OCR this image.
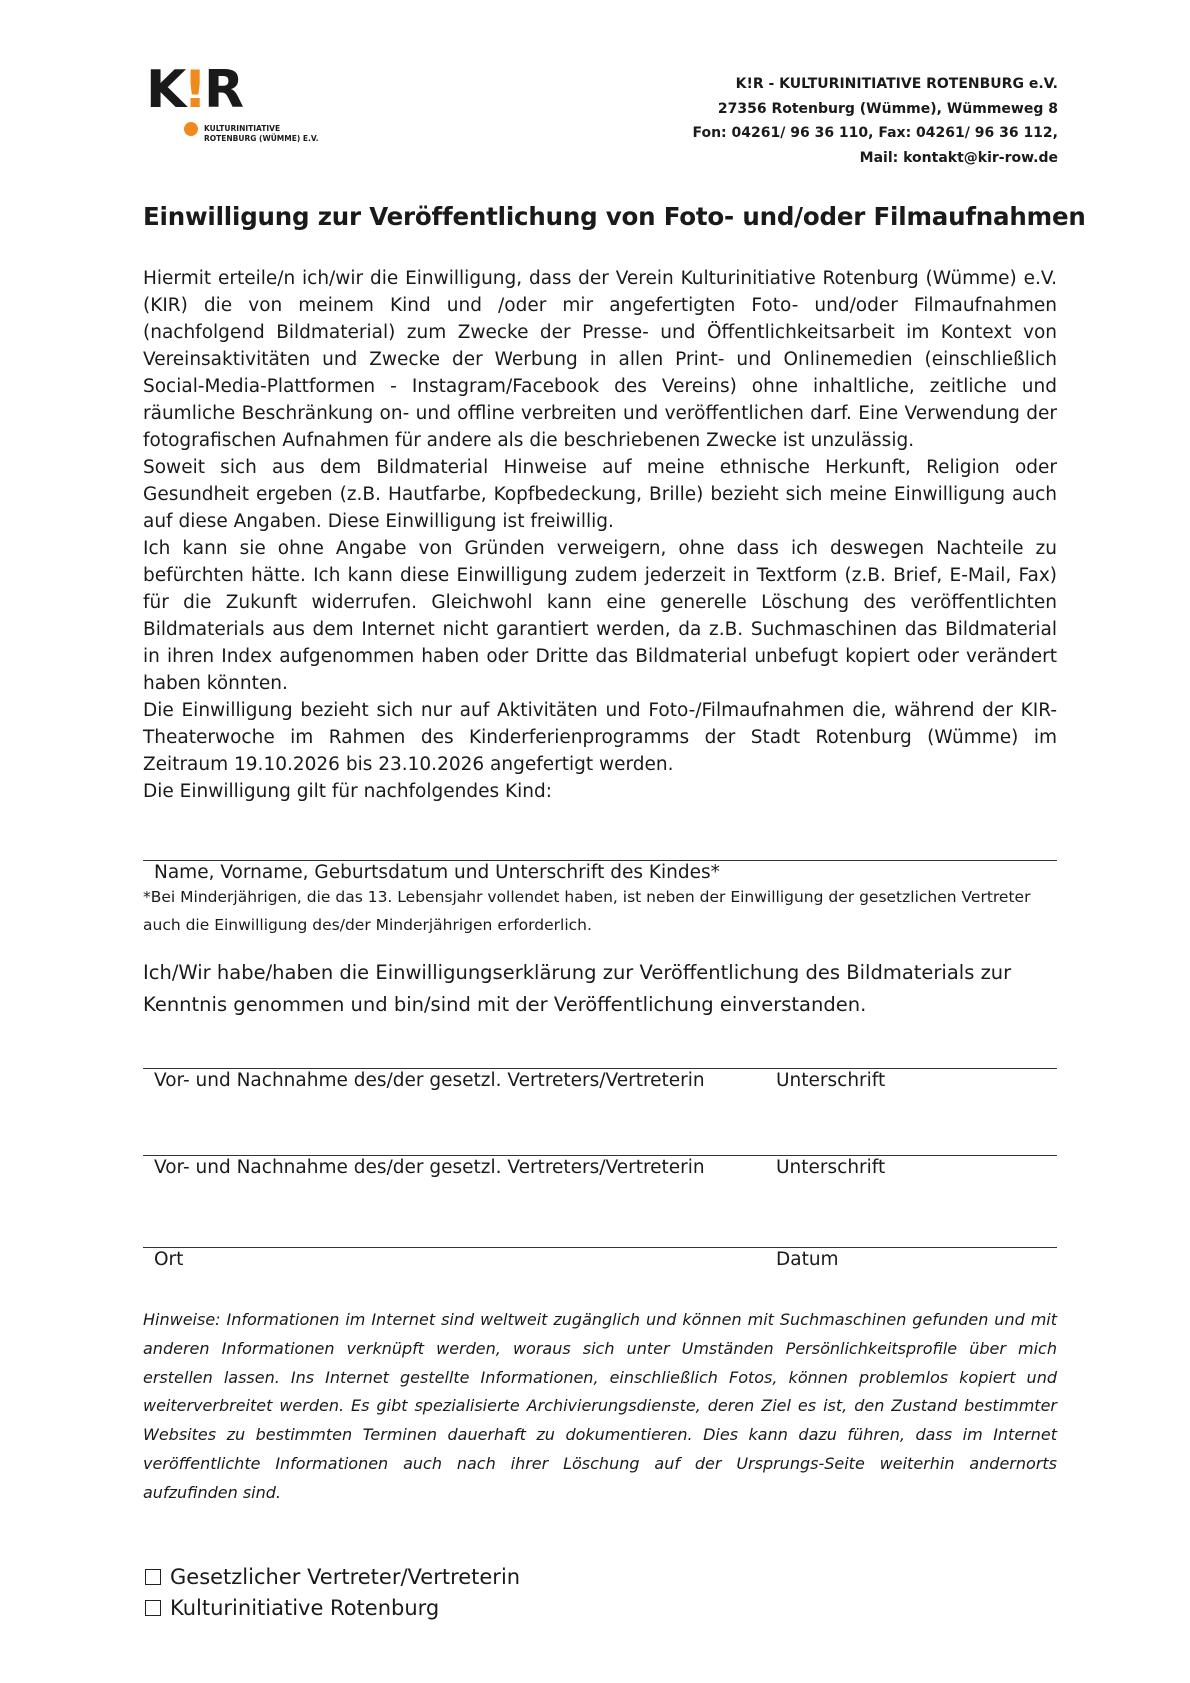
K!R
KULTURINITIATIVE
ROTENBURG (WÜMME) E.V.
K!R - KULTURINITIATIVE ROTENBURG e.V.
27356 Rotenburg (Wümme), Wümmeweg 8
Fon: 04261/ 96 36 110, Fax: 04261/ 96 36 112,
Mail: kontakt@kir-row.de
Einwilligung zur Veröffentlichung von Foto- und/oder Filmaufnahmen

Hiermit erteile/n ich/wir die Einwilligung, dass der Verein Kulturinitiative Rotenburg (Wümme) e.V. (KIR) die von meinem Kind und /oder mir angefertigten Foto- und/oder Filmaufnahmen (nachfolgend Bildmaterial) zum Zwecke der Presse- und Öffentlichkeitsarbeit im Kontext von Vereinsaktivitäten und Zwecke der Werbung in allen Print- und Onlinemedien (einschließlich Social-Media-Plattformen - Instagram/Facebook des Vereins) ohne inhaltliche, zeitliche und räumliche Beschränkung on- und offline verbreiten und veröffentlichen darf. Eine Verwendung der fotografischen Aufnahmen für andere als die beschriebenen Zwecke ist unzulässig.

Soweit sich aus dem Bildmaterial Hinweise auf meine ethnische Herkunft, Religion oder Gesundheit ergeben (z.B. Hautfarbe, Kopfbedeckung, Brille) bezieht sich meine Einwilligung auch auf diese Angaben. Diese Einwilligung ist freiwillig.

Ich kann sie ohne Angabe von Gründen verweigern, ohne dass ich deswegen Nachteile zu befürchten hätte. Ich kann diese Einwilligung zudem jederzeit in Textform (z.B. Brief, E-Mail, Fax) für die Zukunft widerrufen. Gleichwohl kann eine generelle Löschung des veröffentlichten Bildmaterials aus dem Internet nicht garantiert werden, da z.B. Suchmaschinen das Bildmaterial in ihren Index aufgenommen haben oder Dritte das Bildmaterial unbefugt kopiert oder verändert haben könnten.

Die Einwilligung bezieht sich nur auf Aktivitäten und Foto-/Filmaufnahmen die, während der KIR-Theaterwoche im Rahmen des Kinderferienprogramms der Stadt Rotenburg (Wümme) im Zeitraum 19.10.2026 bis 23.10.2026 angefertigt werden.

Die Einwilligung gilt für nachfolgendes Kind:

Name, Vorname, Geburtsdatum und Unterschrift des Kindes*
*Bei Minderjährigen, die das 13. Lebensjahr vollendet haben, ist neben der Einwilligung der gesetzlichen Vertreter auch die Einwilligung des/der Minderjährigen erforderlich.
Ich/Wir habe/haben die Einwilligungserklärung zur Veröffentlichung des Bildmaterials zur Kenntnis genommen und bin/sind mit der Veröffentlichung einverstanden.
Vor- und Nachnahme des/der gesetzl. Vertreters/Vertreterin	Unterschrift
Vor- und Nachnahme des/der gesetzl. Vertreters/Vertreterin	Unterschrift
Ort	Datum

Hinweise: Informationen im Internet sind weltweit zugänglich und können mit Suchmaschinen gefunden und mit anderen Informationen verknüpft werden, woraus sich unter Umständen Persönlichkeitsprofile über mich erstellen lassen. Ins Internet gestellte Informationen, einschließlich Fotos, können problemlos kopiert und weiterverbreitet werden. Es gibt spezialisierte Archivierungsdienste, deren Ziel es ist, den Zustand bestimmter Websites zu bestimmten Terminen dauerhaft zu dokumentieren. Dies kann dazu führen, dass im Internet veröffentlichte Informationen auch nach ihrer Löschung auf der Ursprungs-Seite weiterhin andernorts aufzufinden sind.

Gesetzlicher Vertreter/Vertreterin
Kulturinitiative Rotenburg
